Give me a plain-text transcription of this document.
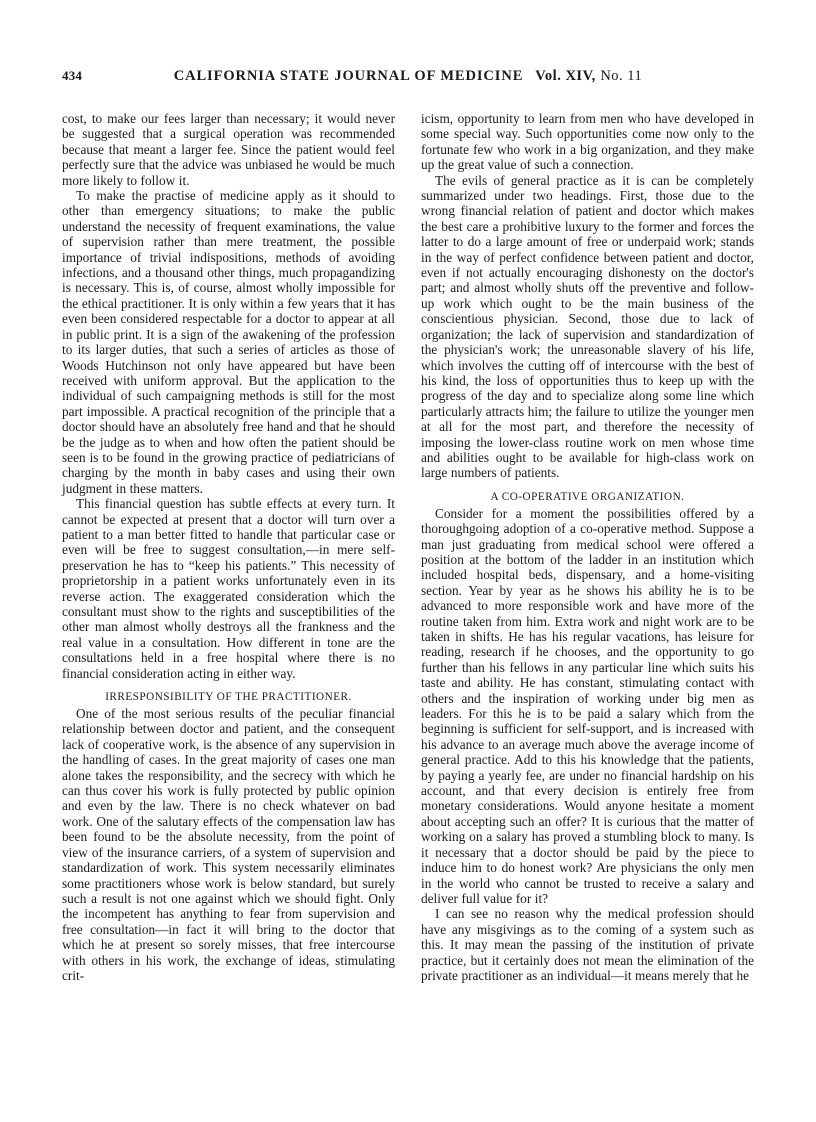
434	CALIFORNIA STATE JOURNAL OF MEDICINE Vol. XIV, No. 11

cost, to make our fees larger than necessary; it would never be suggested that a surgical operation was recommended because that meant a larger fee. Since the patient would feel perfectly sure that the advice was unbiased he would be much more likely to follow it.

To make the practise of medicine apply as it should to other than emergency situations; to make the public understand the necessity of frequent examinations, the value of supervision rather than mere treatment, the possible importance of trivial indispositions, methods of avoiding infections, and a thousand other things, much propagandizing is necessary. This is, of course, almost wholly impossible for the ethical practitioner. It is only within a few years that it has even been considered respectable for a doctor to appear at all in public print. It is a sign of the awakening of the profession to its larger duties, that such a series of articles as those of Woods Hutchinson not only have appeared but have been received with uniform approval. But the application to the individual of such campaigning methods is still for the most part impossible. A practical recognition of the principle that a doctor should have an absolutely free hand and that he should be the judge as to when and how often the patient should be seen is to be found in the growing practice of pediatricians of charging by the month in baby cases and using their own judgment in these matters.

This financial question has subtle effects at every turn. It cannot be expected at present that a doctor will turn over a patient to a man better fitted to handle that particular case or even will be free to suggest consultation,—in mere self-preservation he has to “keep his patients.” This necessity of proprietorship in a patient works unfortunately even in its reverse action. The exaggerated consideration which the consultant must show to the rights and susceptibilities of the other man almost wholly destroys all the frankness and the real value in a consultation. How different in tone are the consultations held in a free hospital where there is no financial consideration acting in either way.

IRRESPONSIBILITY OF THE PRACTITIONER.

One of the most serious results of the peculiar financial relationship between doctor and patient, and the consequent lack of cooperative work, is the absence of any supervision in the handling of cases. In the great majority of cases one man alone takes the responsibility, and the secrecy with which he can thus cover his work is fully protected by public opinion and even by the law. There is no check whatever on bad work. One of the salutary effects of the compensation law has been found to be the absolute necessity, from the point of view of the insurance carriers, of a system of supervision and standardization of work. This system necessarily eliminates some practitioners whose work is below standard, but surely such a result is not one against which we should fight. Only the incompetent has anything to fear from supervision and free consultation—in fact it will bring to the doctor that which he at present so sorely misses, that free intercourse with others in his work, the exchange of ideas, stimulating crit-

icism, opportunity to learn from men who have developed in some special way. Such opportunities come now only to the fortunate few who work in a big organization, and they make up the great value of such a connection.

The evils of general practice as it is can be completely summarized under two headings. First, those due to the wrong financial relation of patient and doctor which makes the best care a prohibitive luxury to the former and forces the latter to do a large amount of free or underpaid work; stands in the way of perfect confidence between patient and doctor, even if not actually encouraging dishonesty on the doctor's part; and almost wholly shuts off the preventive and follow-up work which ought to be the main business of the conscientious physician. Second, those due to lack of organization; the lack of supervision and standardization of the physician's work; the unreasonable slavery of his life, which involves the cutting off of intercourse with the best of his kind, the loss of opportunities thus to keep up with the progress of the day and to specialize along some line which particularly attracts him; the failure to utilize the younger men at all for the most part, and therefore the necessity of imposing the lower-class routine work on men whose time and abilities ought to be available for high-class work on large numbers of patients.

A CO-OPERATIVE ORGANIZATION.

Consider for a moment the possibilities offered by a thoroughgoing adoption of a co-operative method. Suppose a man just graduating from medical school were offered a position at the bottom of the ladder in an institution which included hospital beds, dispensary, and a home-visiting section. Year by year as he shows his ability he is to be advanced to more responsible work and have more of the routine taken from him. Extra work and night work are to be taken in shifts. He has his regular vacations, has leisure for reading, research if he chooses, and the opportunity to go further than his fellows in any particular line which suits his taste and ability. He has constant, stimulating contact with others and the inspiration of working under big men as leaders. For this he is to be paid a salary which from the beginning is sufficient for self-support, and is increased with his advance to an average much above the average income of general practice. Add to this his knowledge that the patients, by paying a yearly fee, are under no financial hardship on his account, and that every decision is entirely free from monetary considerations. Would anyone hesitate a moment about accepting such an offer? It is curious that the matter of working on a salary has proved a stumbling block to many. Is it necessary that a doctor should be paid by the piece to induce him to do honest work? Are physicians the only men in the world who cannot be trusted to receive a salary and deliver full value for it?

I can see no reason why the medical profession should have any misgivings as to the coming of a system such as this. It may mean the passing of the institution of private practice, but it certainly does not mean the elimination of the private practitioner as an individual—it means merely that he
